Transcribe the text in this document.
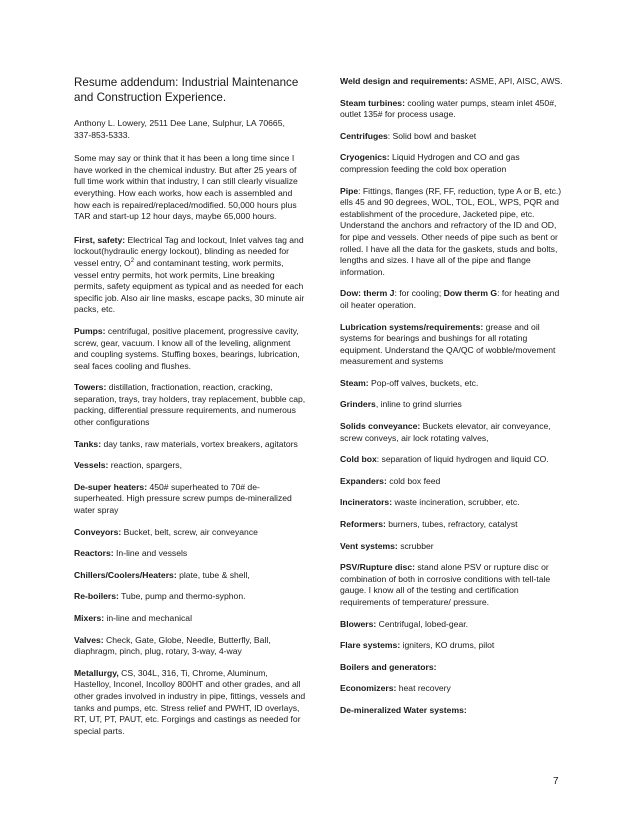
Resume addendum: Industrial Maintenance and Construction Experience.
Anthony L. Lowery, 2511 Dee Lane, Sulphur, LA 70665,
337-853-5333.
Some may say or think that it has been a long time since I have worked in the chemical industry. But after 25 years of full time work within that industry, I can still clearly visualize everything. How each works, how each is assembled and how each is repaired/replaced/modified. 50,000 hours plus TAR and start-up 12 hour days, maybe 65,000 hours.
First, safety: Electrical Tag and lockout, Inlet valves tag and lockout(hydraulic energy lockout), blinding as needed for vessel entry, $O^2$ and contaminant testing, work permits, vessel entry permits, hot work permits, Line breaking permits, safety equipment as typical and as needed for each specific job. Also air line masks, escape packs, 30 minute air packs, etc.
Pumps: centrifugal, positive placement, progressive cavity, screw, gear, vacuum. I know all of the leveling, alignment and coupling systems. Stuffing boxes, bearings, lubrication, seal faces cooling and flushes.
Towers: distillation, fractionation, reaction, cracking, separation, trays, tray holders, tray replacement, bubble cap, packing, differential pressure requirements, and numerous other configurations
Tanks: day tanks, raw materials, vortex breakers, agitators
Vessels: reaction, spargers,
De-super heaters: 450# superheated to 70# de-superheated. High pressure screw pumps de-mineralized water spray
Conveyors: Bucket, belt, screw, air conveyance
Reactors: In-line and vessels
Chillers/Coolers/Heaters: plate, tube & shell,
Re-boilers: Tube, pump and thermo-syphon.
Mixers: in-line and mechanical
Valves: Check, Gate, Globe, Needle, Butterfly, Ball, diaphragm, pinch, plug, rotary, 3-way, 4-way
Metallurgy, CS, 304L, 316, Ti, Chrome, Aluminum, Hastelloy, Inconel, Incolloy 800HT and other grades, and all other grades involved in industry in pipe, fittings, vessels and tanks and pumps, etc. Stress relief and PWHT, ID overlays, RT, UT, PT, PAUT, etc. Forgings and castings as needed for special parts.
Weld design and requirements: ASME, API, AISC, AWS.
Steam turbines: cooling water pumps, steam inlet 450#, outlet 135# for process usage.
Centrifuges: Solid bowl and basket
Cryogenics: Liquid Hydrogen and CO and gas compression feeding the cold box operation
Pipe: Fittings, flanges (RF, FF, reduction, type A or B, etc.) ells 45 and 90 degrees, WOL, TOL, EOL, WPS, PQR and establishment of the procedure, Jacketed pipe, etc. Understand the anchors and refractory of the ID and OD, for pipe and vessels. Other needs of pipe such as bent or rolled. I have all the data for the gaskets, studs and bolts, lengths and sizes. I have all of the pipe and flange information.
Dow: therm J: for cooling; Dow therm G: for heating and oil heater operation.
Lubrication systems/requirements: grease and oil systems for bearings and bushings for all rotating equipment. Understand the QA/QC of wobble/movement measurement and systems
Steam: Pop-off valves, buckets, etc.
Grinders, inline to grind slurries
Solids conveyance: Buckets elevator, air conveyance, screw conveys, air lock rotating valves,
Cold box: separation of liquid hydrogen and liquid CO.
Expanders: cold box feed
Incinerators: waste incineration, scrubber, etc.
Reformers: burners, tubes, refractory, catalyst
Vent systems: scrubber
PSV/Rupture disc: stand alone PSV or rupture disc or combination of both in corrosive conditions with tell-tale gauge. I know all of the testing and certification requirements of temperature/ pressure.
Blowers: Centrifugal, lobed-gear.
Flare systems: igniters, KO drums, pilot
Boilers and generators:
Economizers: heat recovery
De-mineralized Water systems:
7
